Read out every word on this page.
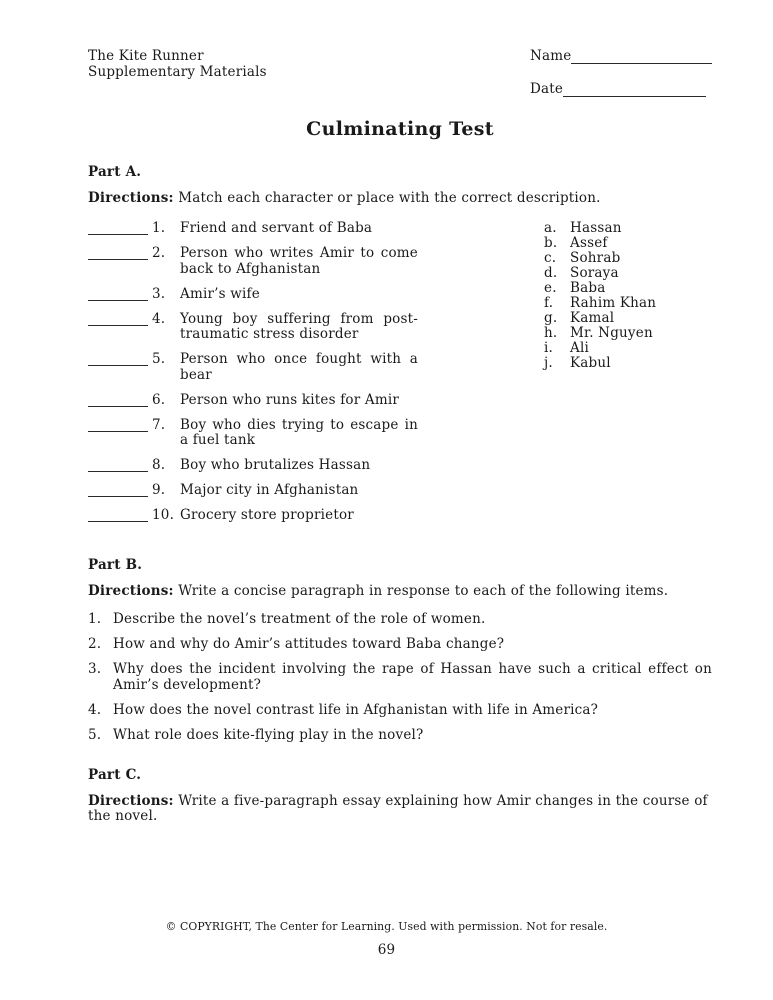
The Kite Runner
Supplementary Materials
Name
Date
Culminating Test
Part A.
Directions: Match each character or place with the correct description.
1.	Friend and servant of Baba
2.	Person who writes Amir to come back to Afghanistan
3.	Amir’s wife
4.	Young boy suffering from post-traumatic stress disorder
5.	Person who once fought with a bear
6.	Person who runs kites for Amir
7.	Boy who dies trying to escape in a fuel tank
8.	Boy who brutalizes Hassan
9.	Major city in Afghanistan
10. Grocery store proprietor
a. Hassan
b. Assef
c.	Sohrab
d. Soraya
e. Baba
f.	Rahim Khan
g. Kamal
h. Mr. Nguyen
i.	Ali
j.	Kabul
Part B.
Directions: Write a concise paragraph in response to each of the following items.
1. Describe the novel’s treatment of the role of women.
2. How and why do Amir’s attitudes toward Baba change?
3. Why does the incident involving the rape of Hassan have such a critical effect on Amir’s development?
4. How does the novel contrast life in Afghanistan with life in America?
5. What role does kite-flying play in the novel?
Part C.
Directions: Write a five-paragraph essay explaining how Amir changes in the course of the novel.
© COPYRIGHT, The Center for Learning. Used with permission. Not for resale.
69
